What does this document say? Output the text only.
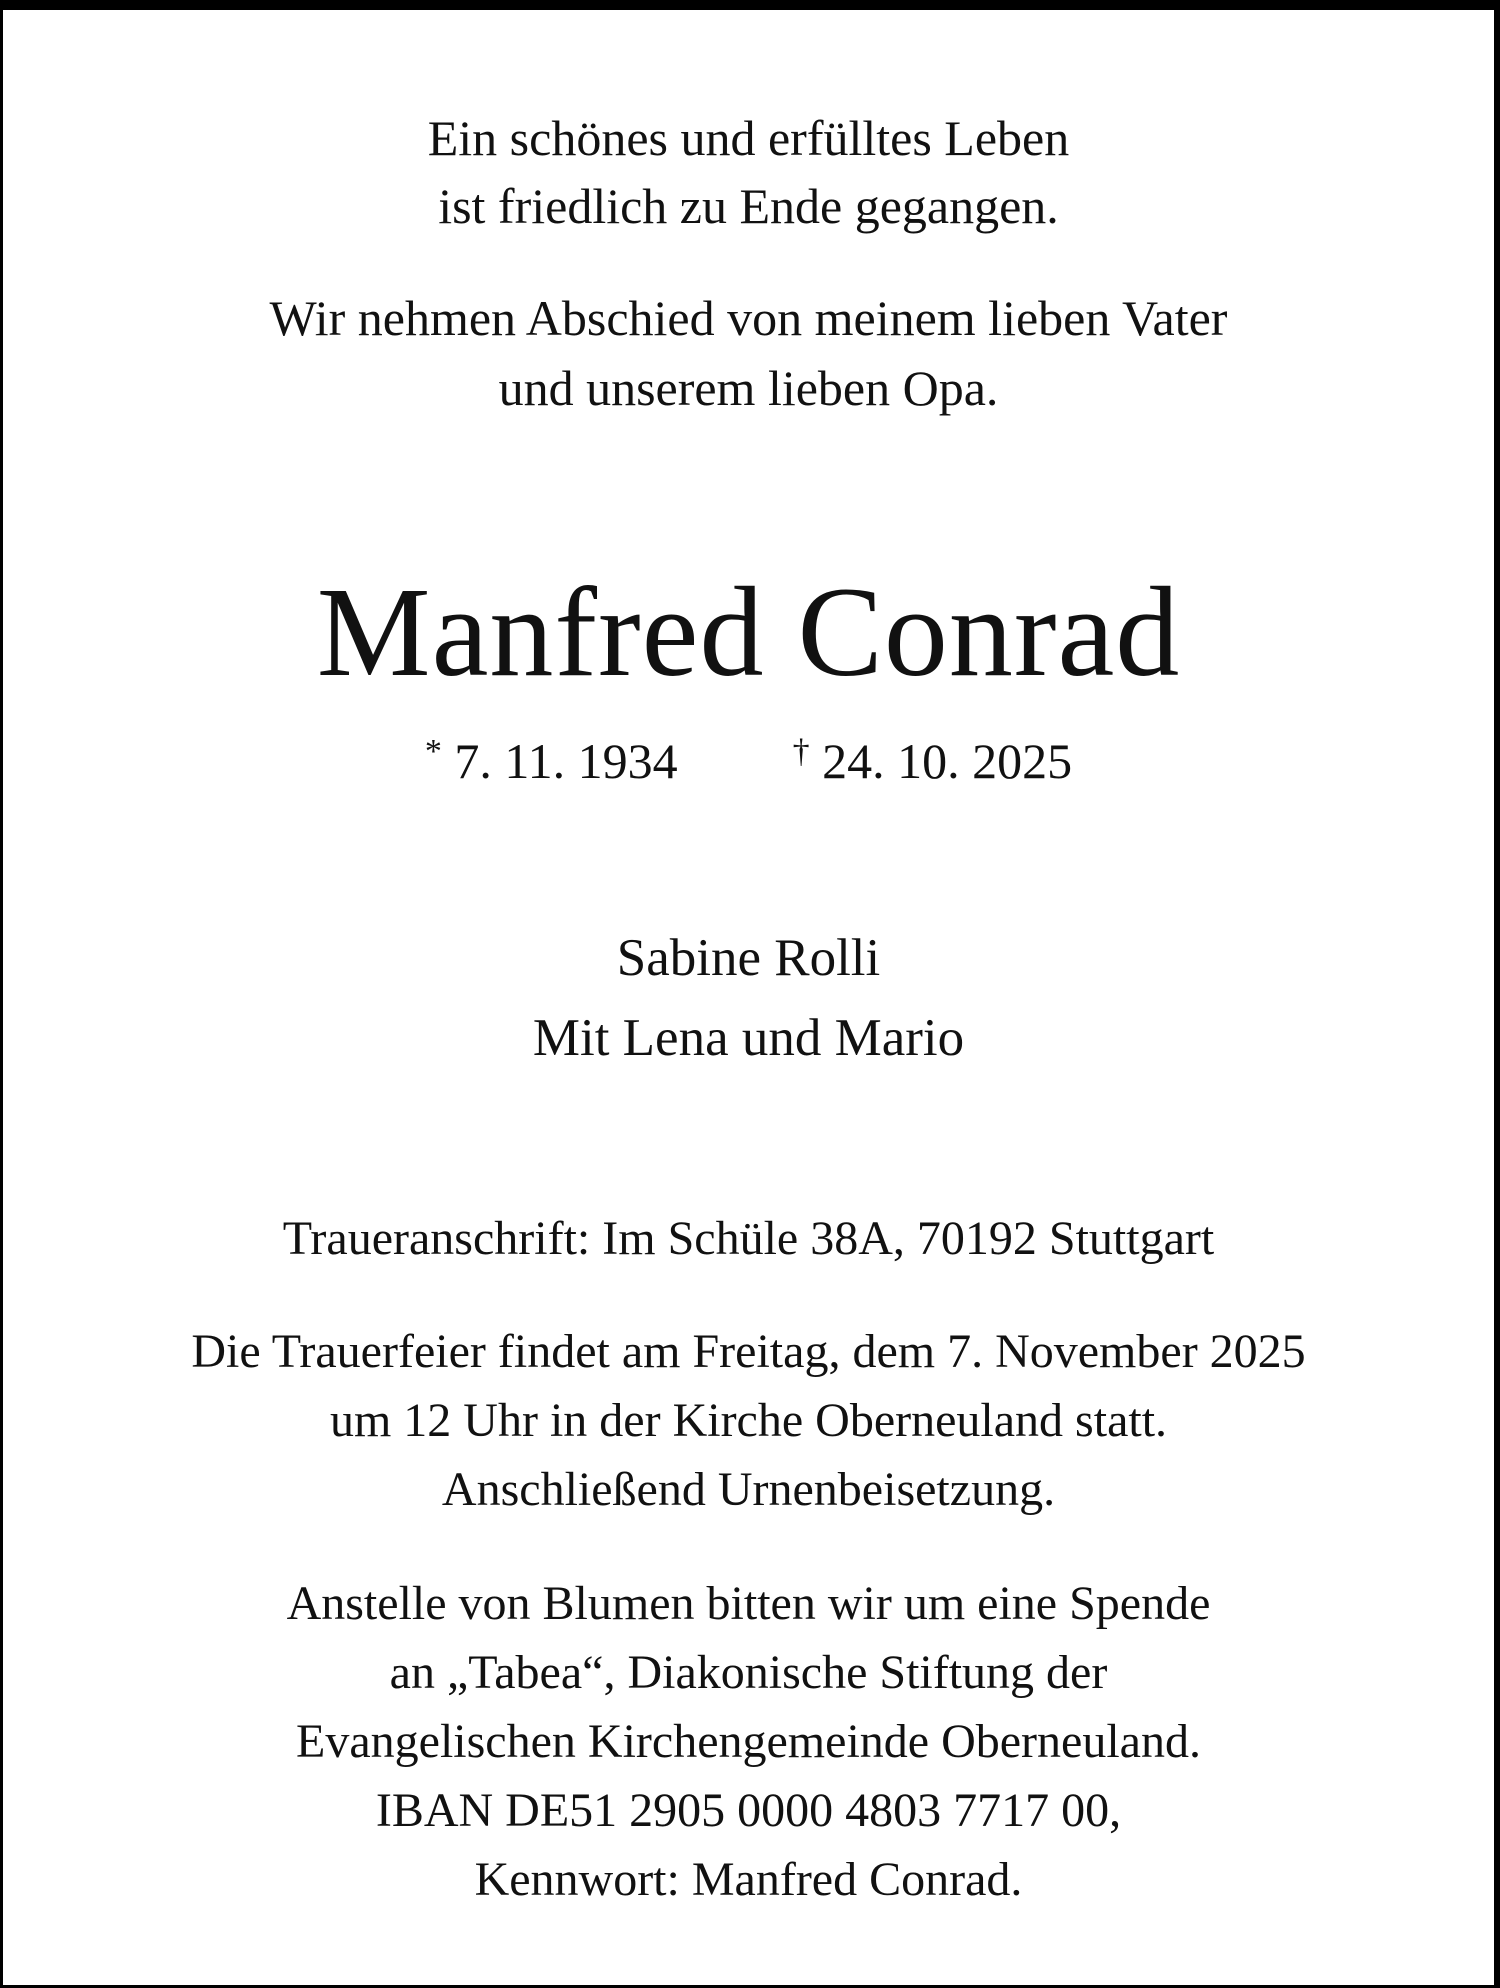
Ein schönes und erfülltes Leben
ist friedlich zu Ende gegangen.
Wir nehmen Abschied von meinem lieben Vater
und unserem lieben Opa.
Manfred Conrad
* 7. 11. 1934	† 24. 10. 2025
Sabine Rolli
Mit Lena und Mario
Traueranschrift: Im Schüle 38A, 70192 Stuttgart
Die Trauerfeier findet am Freitag, dem 7. November 2025
um 12 Uhr in der Kirche Oberneuland statt.
Anschließend Urnenbeisetzung.
Anstelle von Blumen bitten wir um eine Spende
an „Tabea“, Diakonische Stiftung der
Evangelischen Kirchengemeinde Oberneuland.
IBAN DE51 2905 0000 4803 7717 00,
Kennwort: Manfred Conrad.
